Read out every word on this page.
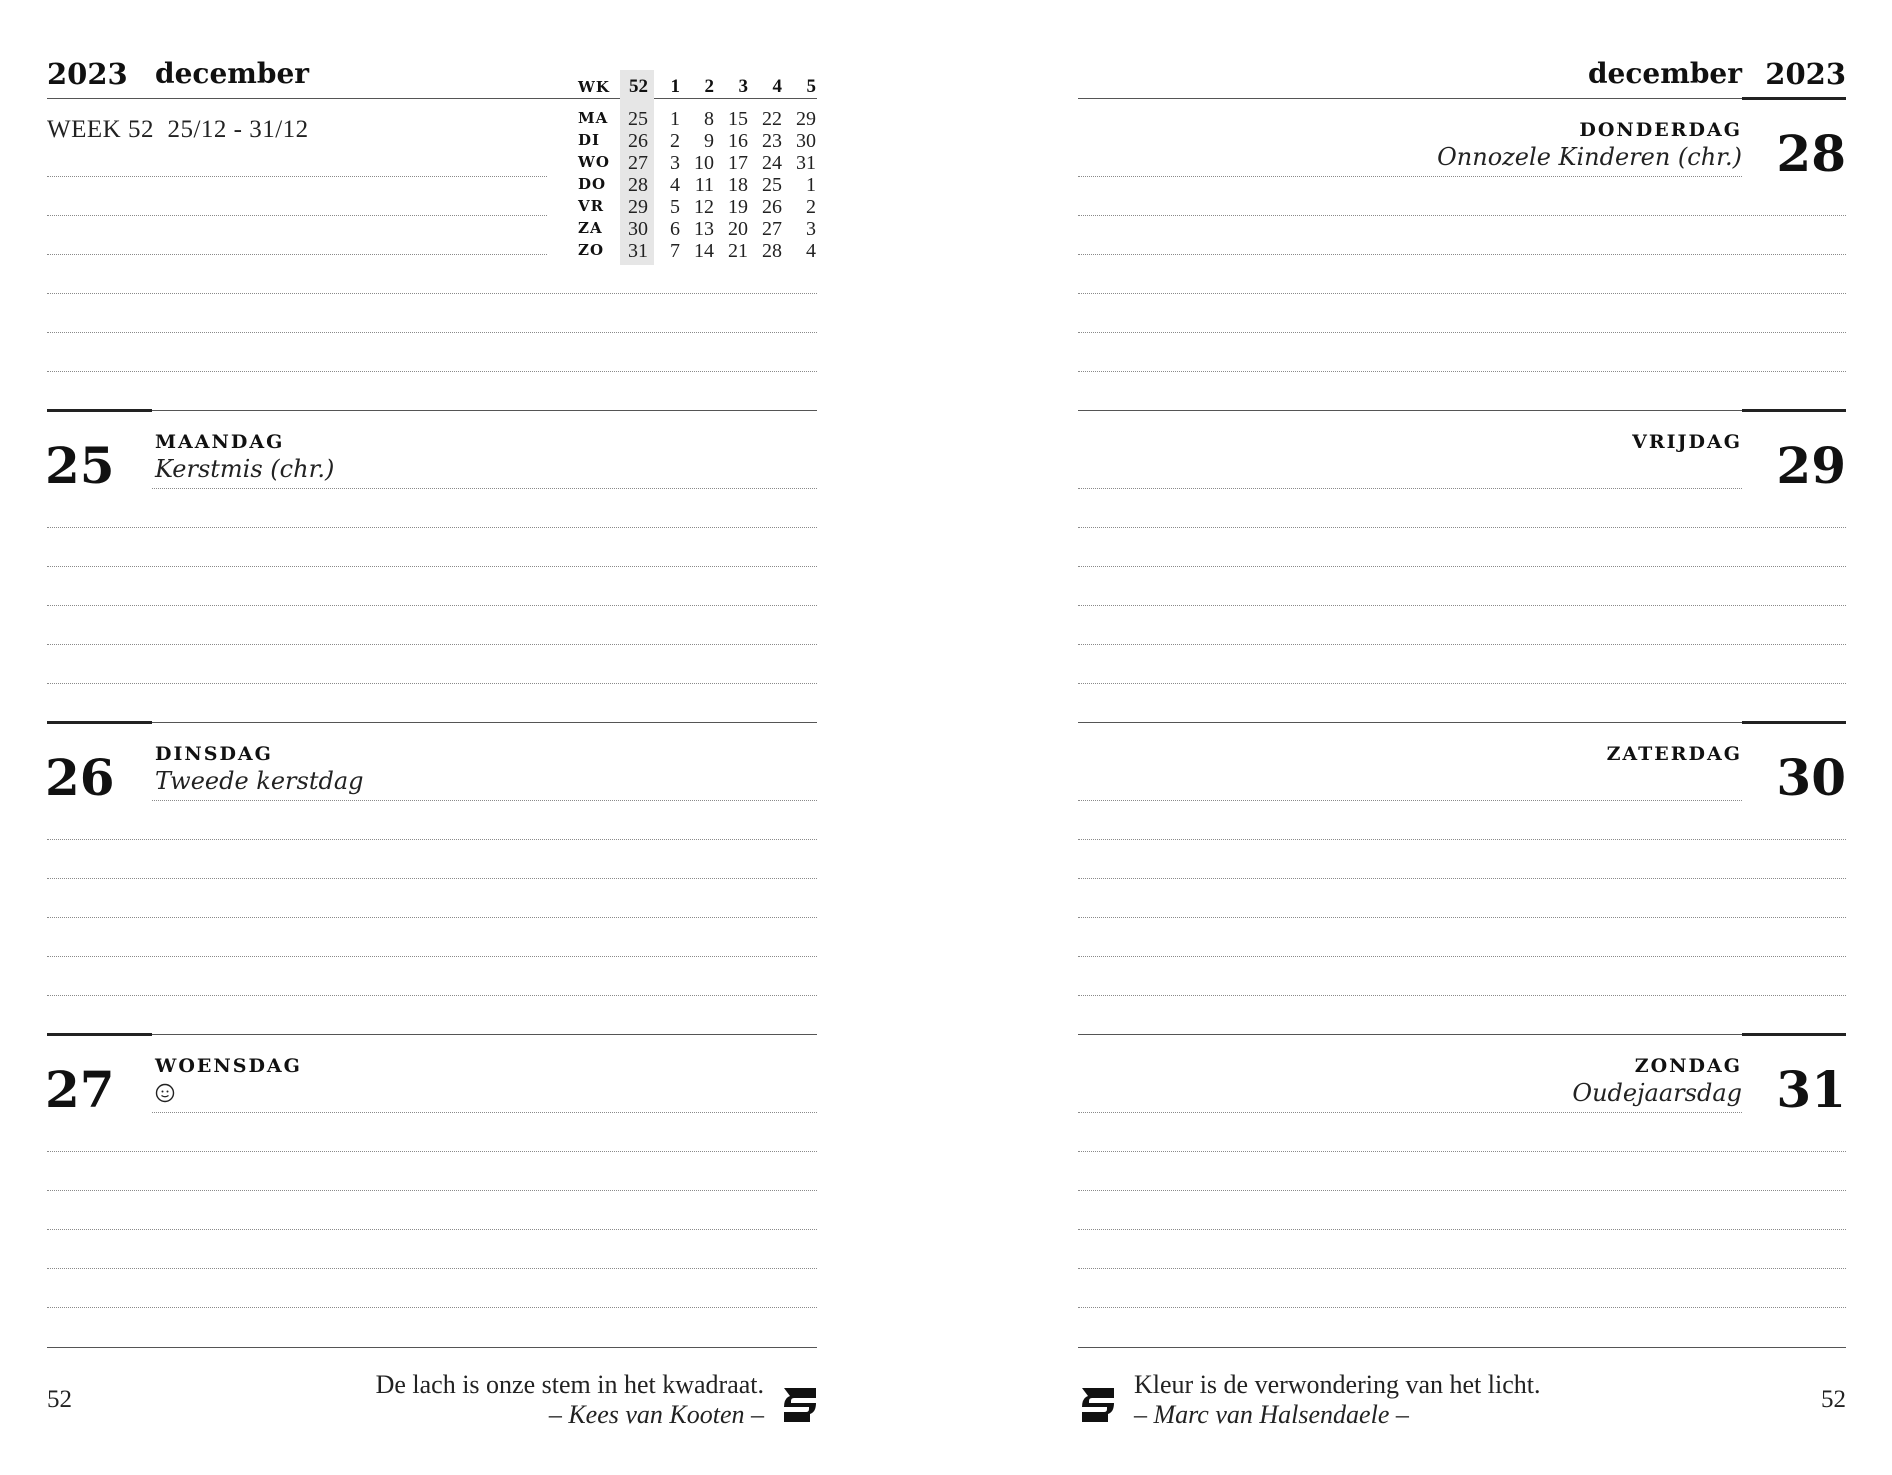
2023 december
WEEK 52 25/12 - 31/12
WK	52	1	2	3	4	5
MA 25	1	8 15 22 29
DI	26	2	9 16 23 30
WO 27	3 10 17 24 31
DO	28	4 11 18 25	1
VR	29	5 12 19 26	2
ZA	30	6 13 20 27	3
ZO	31	7 14 21 28	4
25 MAANDAG
Kerstmis (chr.)
26 DINSDAG
Tweede kerstdag
27 WOENSDAG
52
De lach is onze stem in het kwadraat.
– Kees van Kooten –
december 2023
DONDERDAG
Onnozele Kinderen (chr.) 28
VRIJDAG 29
ZATERDAG 30
ZONDAG
Oudejaarsdag 31
Kleur is de verwondering van het licht.
– Marc van Halsendaele –
52
